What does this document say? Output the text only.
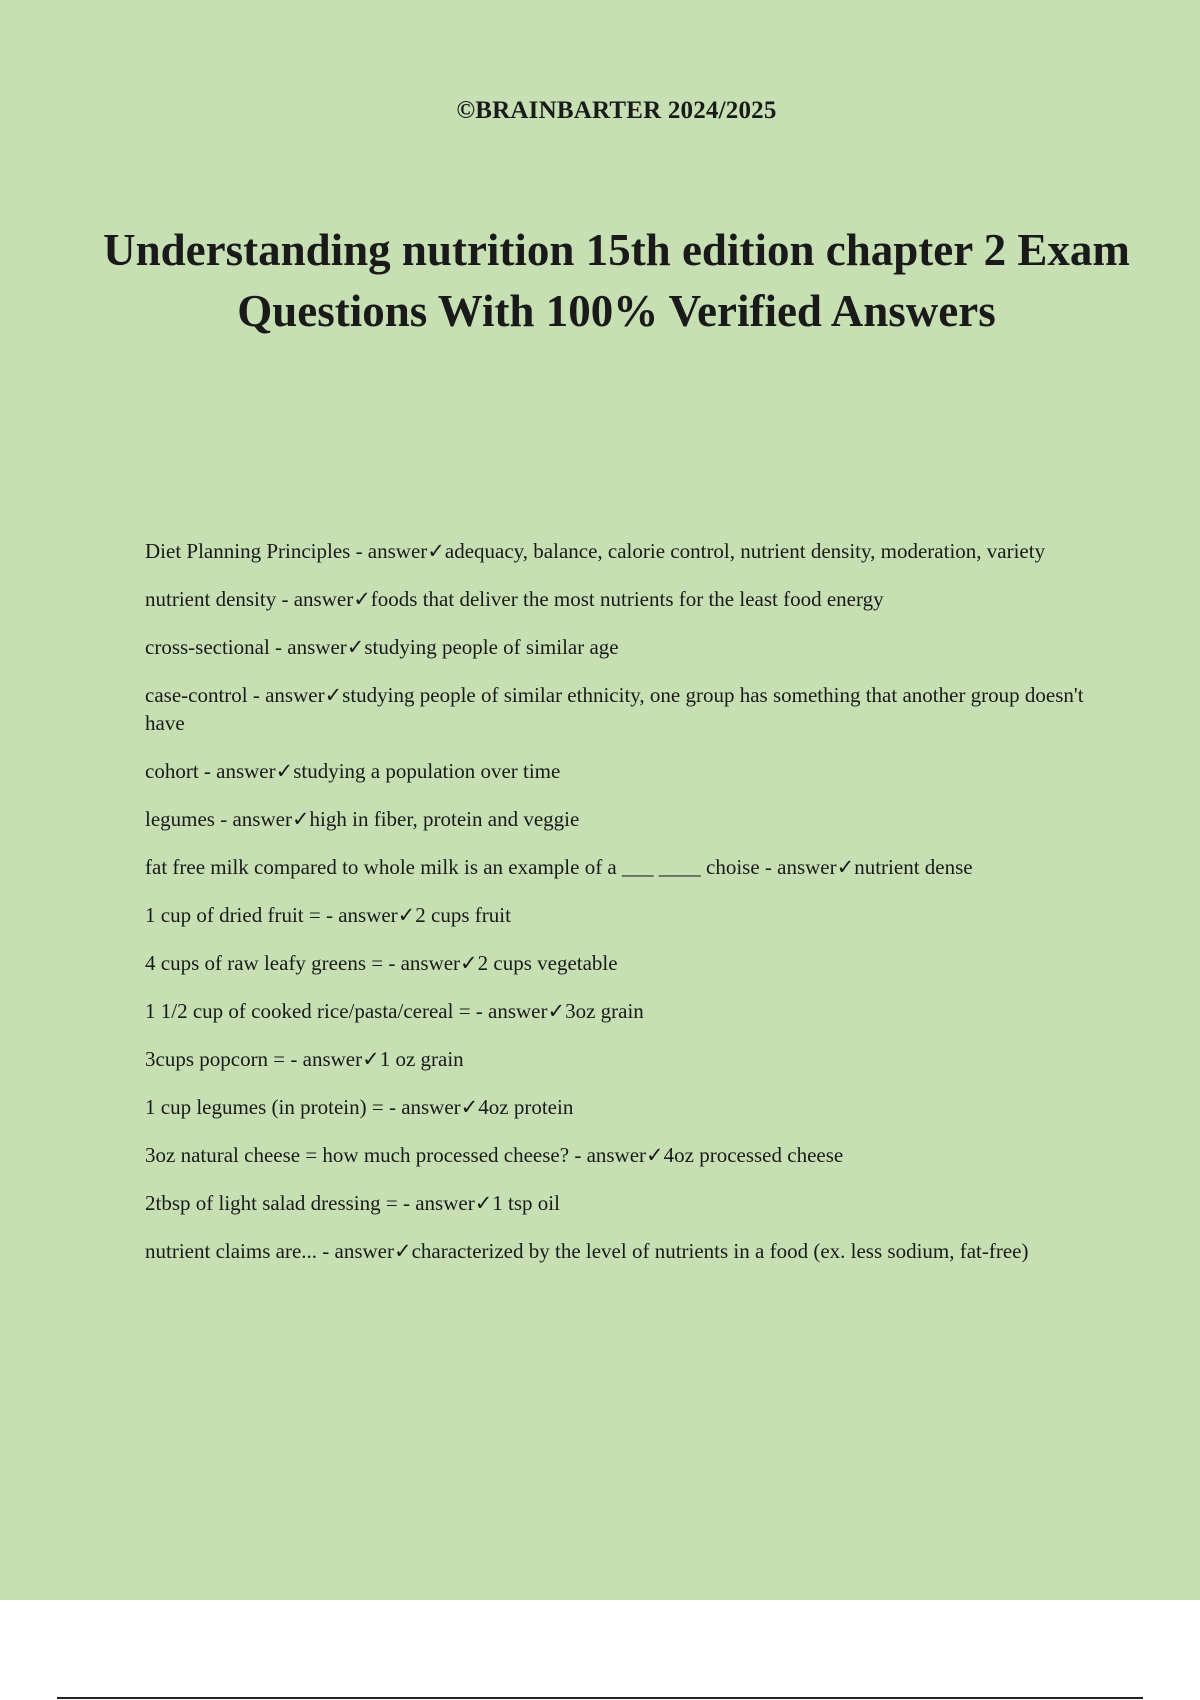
©BRAINBARTER 2024/2025
Understanding nutrition 15th edition chapter 2 Exam Questions With 100% Verified Answers
Diet Planning Principles - answer✓adequacy, balance, calorie control, nutrient density, moderation, variety
nutrient density - answer✓foods that deliver the most nutrients for the least food energy
cross-sectional - answer✓studying people of similar age
case-control - answer✓studying people of similar ethnicity, one group has something that another group doesn't have
cohort - answer✓studying a population over time
legumes - answer✓high in fiber, protein and veggie
fat free milk compared to whole milk is an example of a ___ ____ choise - answer✓nutrient dense
1 cup of dried fruit = - answer✓2 cups fruit
4 cups of raw leafy greens = - answer✓2 cups vegetable
1 1/2 cup of cooked rice/pasta/cereal = - answer✓3oz grain
3cups popcorn = - answer✓1 oz grain
1 cup legumes (in protein) = - answer✓4oz protein
3oz natural cheese = how much processed cheese? - answer✓4oz processed cheese
2tbsp of light salad dressing = - answer✓1 tsp oil
nutrient claims are... - answer✓characterized by the level of nutrients in a food (ex. less sodium, fat-free)
